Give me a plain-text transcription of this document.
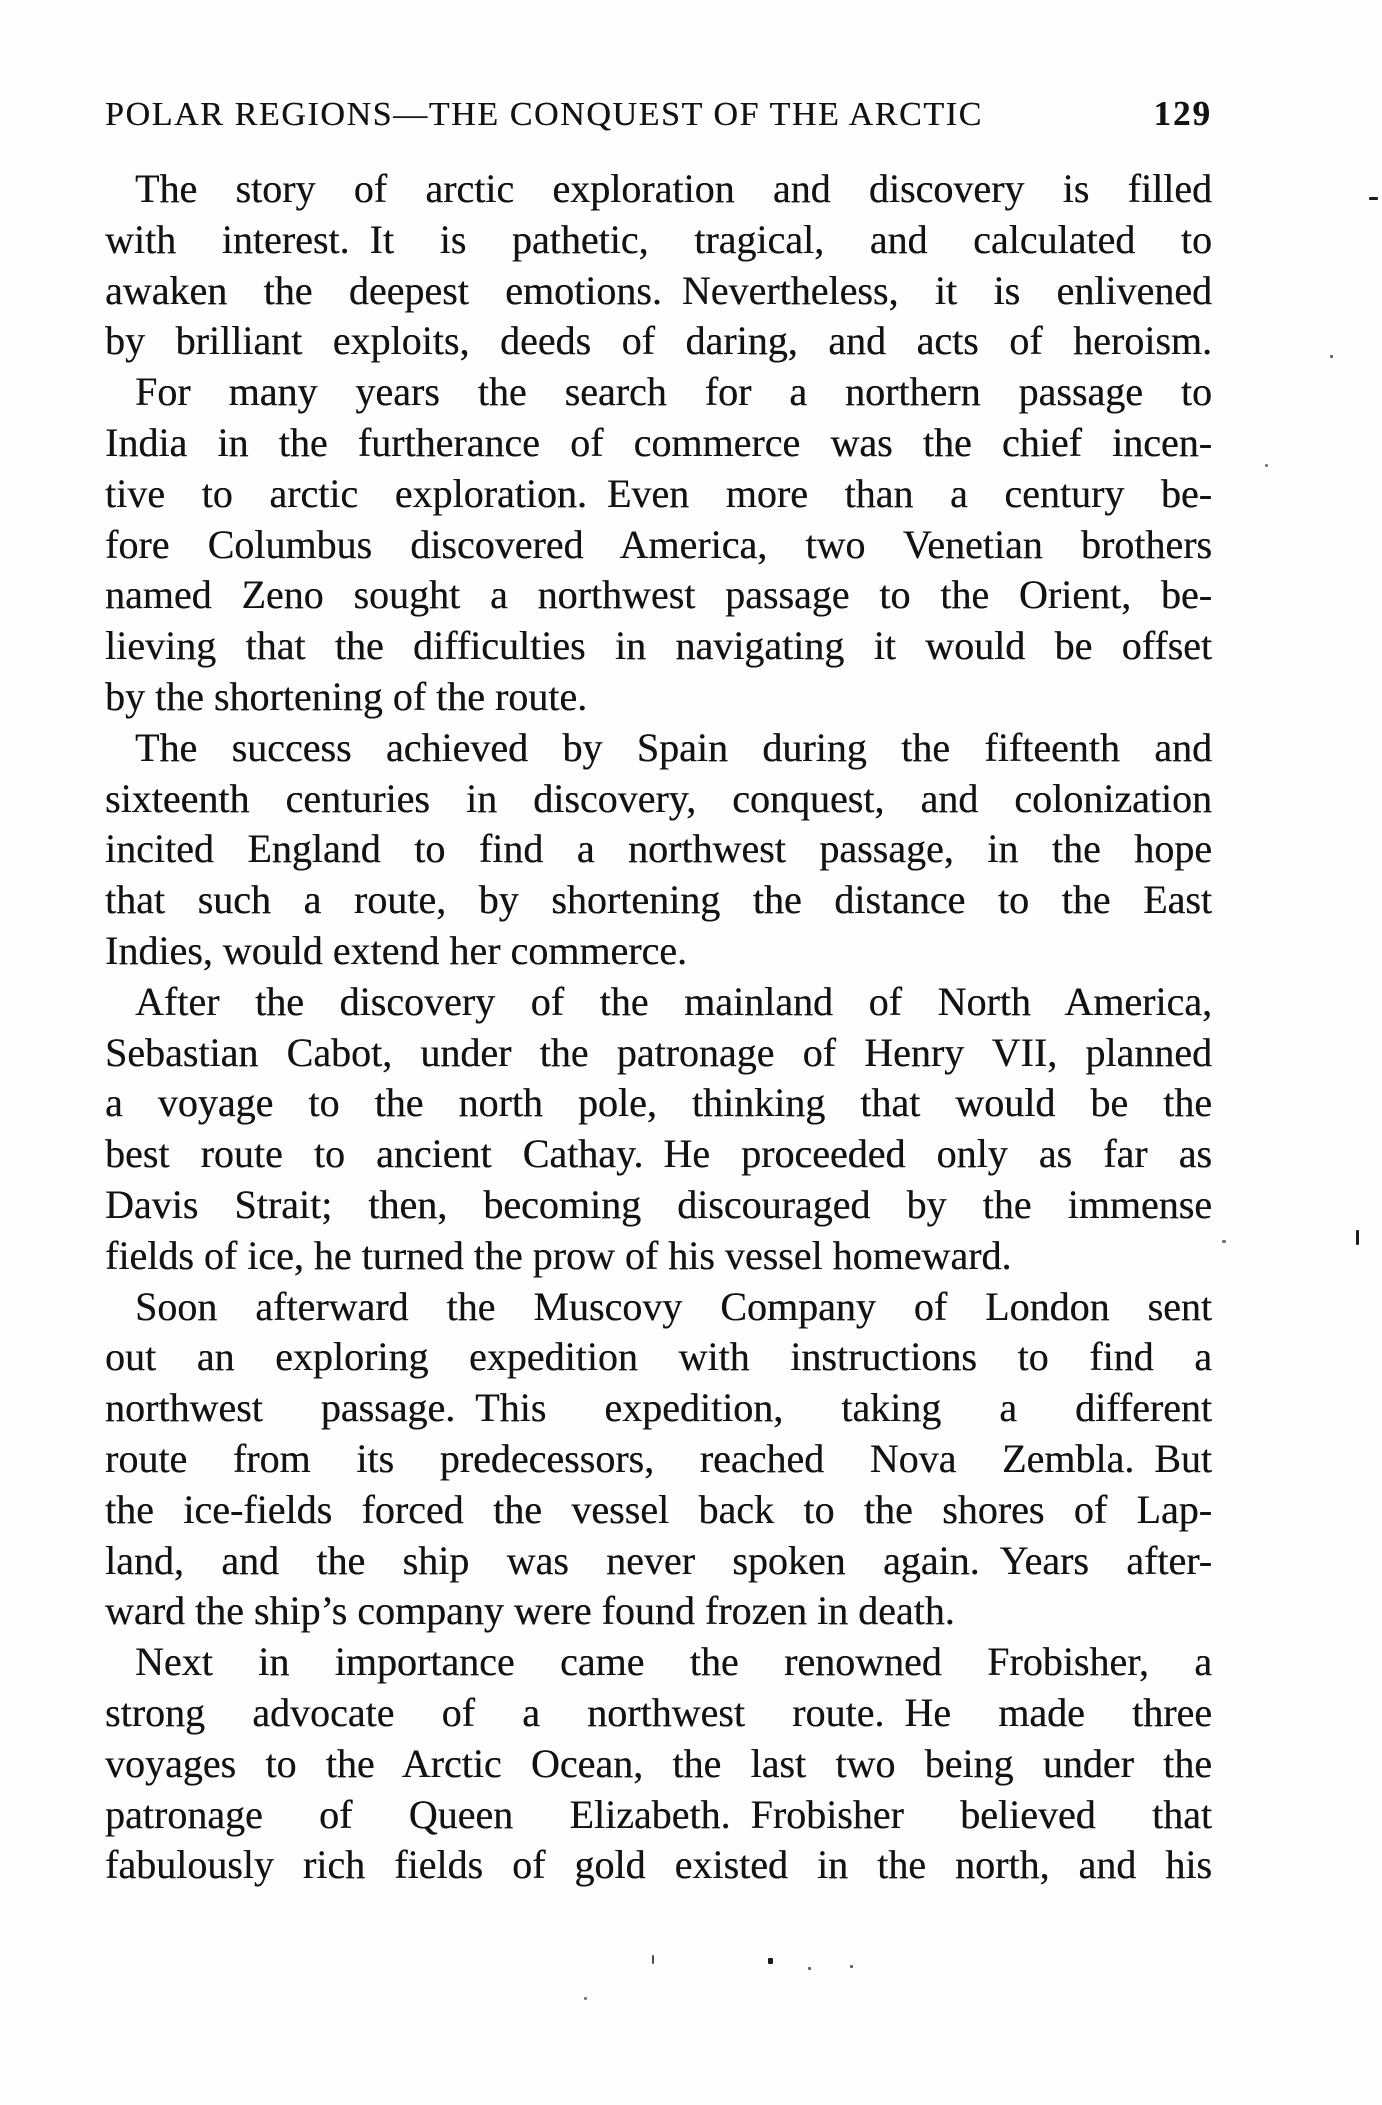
POLAR REGIONS—THE CONQUEST OF THE ARCTIC	129
The story of arctic exploration and discovery is filled
with interest. It is pathetic, tragical, and calculated to
awaken the deepest emotions. Nevertheless, it is enlivened
by brilliant exploits, deeds of daring, and acts of heroism.
For many years the search for a northern passage to
India in the furtherance of commerce was the chief incen-
tive to arctic exploration. Even more than a century be-
fore Columbus discovered America, two Venetian brothers
named Zeno sought a northwest passage to the Orient, be-
lieving that the difficulties in navigating it would be offset
by the shortening of the route.
The success achieved by Spain during the fifteenth and
sixteenth centuries in discovery, conquest, and colonization
incited England to find a northwest passage, in the hope
that such a route, by shortening the distance to the East
Indies, would extend her commerce.
After the discovery of the mainland of North America,
Sebastian Cabot, under the patronage of Henry VII, planned
a voyage to the north pole, thinking that would be the
best route to ancient Cathay. He proceeded only as far as
Davis Strait; then, becoming discouraged by the immense
fields of ice, he turned the prow of his vessel homeward.
Soon afterward the Muscovy Company of London sent
out an exploring expedition with instructions to find a
northwest passage. This expedition, taking a different
route from its predecessors, reached Nova Zembla. But
the ice-fields forced the vessel back to the shores of Lap-
land, and the ship was never spoken again. Years after-
ward the ship’s company were found frozen in death.
Next in importance came the renowned Frobisher, a
strong advocate of a northwest route. He made three
voyages to the Arctic Ocean, the last two being under the
patronage of Queen Elizabeth. Frobisher believed that
fabulously rich fields of gold existed in the north, and his
